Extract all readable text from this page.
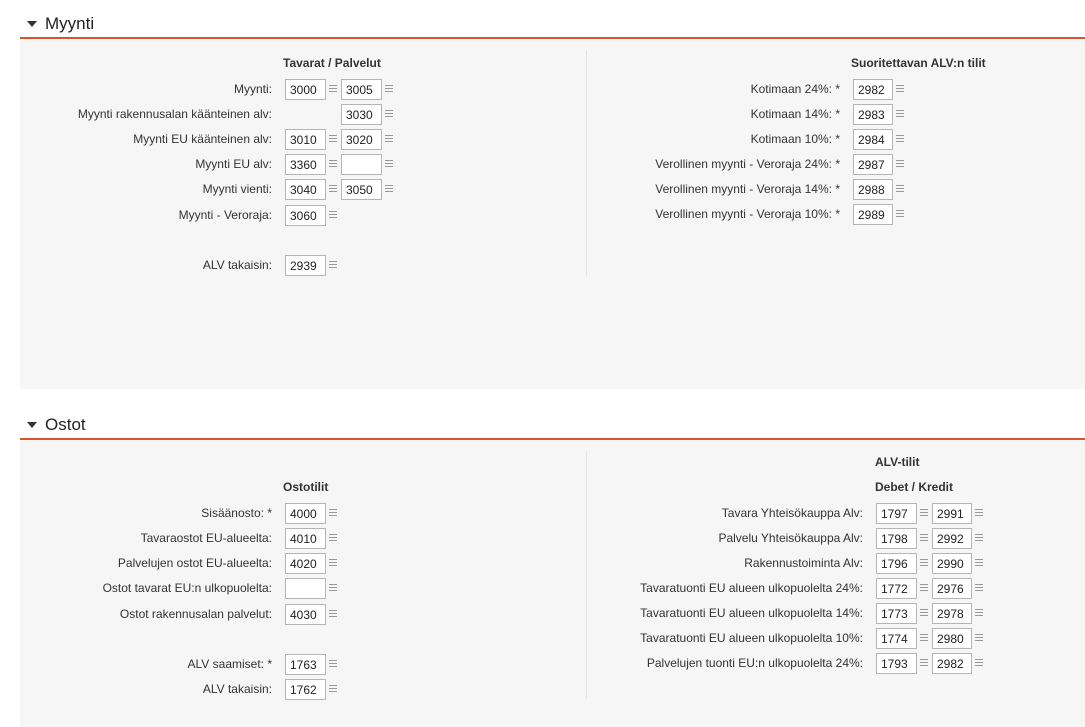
Myynti
Tavarat / Palvelut	Suoritettavan ALV:n tilit
Myynti:
3000
3005
Myynti rakennusalan käänteinen alv:
3030
Myynti EU käänteinen alv:
3010
3020
Myynti EU alv:
3360
Myynti vienti:
3040
3050
Myynti - Veroraja:
3060
ALV takaisin:
2939
Kotimaan 24%: *
2982
Kotimaan 14%: *
2983
Kotimaan 10%: *
2984
Verollinen myynti - Veroraja 24%: *
2987
Verollinen myynti - Veroraja 14%: *
2988
Verollinen myynti - Veroraja 10%: *
2989
Ostot
Ostotilit
ALV-tilit
Debet / Kredit
Sisäänosto: *
4000
Tavaraostot EU-alueelta:
4010
Palvelujen ostot EU-alueelta:
4020
Ostot tavarat EU:n ulkopuolelta:
Ostot rakennusalan palvelut:
4030
ALV saamiset: *
1763
ALV takaisin:
1762
Tavara Yhteisökauppa Alv:
1797
2991
Palvelu Yhteisökauppa Alv:
1798
2992
Rakennustoiminta Alv:
1796
2990
Tavaratuonti EU alueen ulkopuolelta 24%:
1772
2976
Tavaratuonti EU alueen ulkopuolelta 14%:
1773
2978
Tavaratuonti EU alueen ulkopuolelta 10%:
1774
2980
Palvelujen tuonti EU:n ulkopuolelta 24%:
1793
2982
